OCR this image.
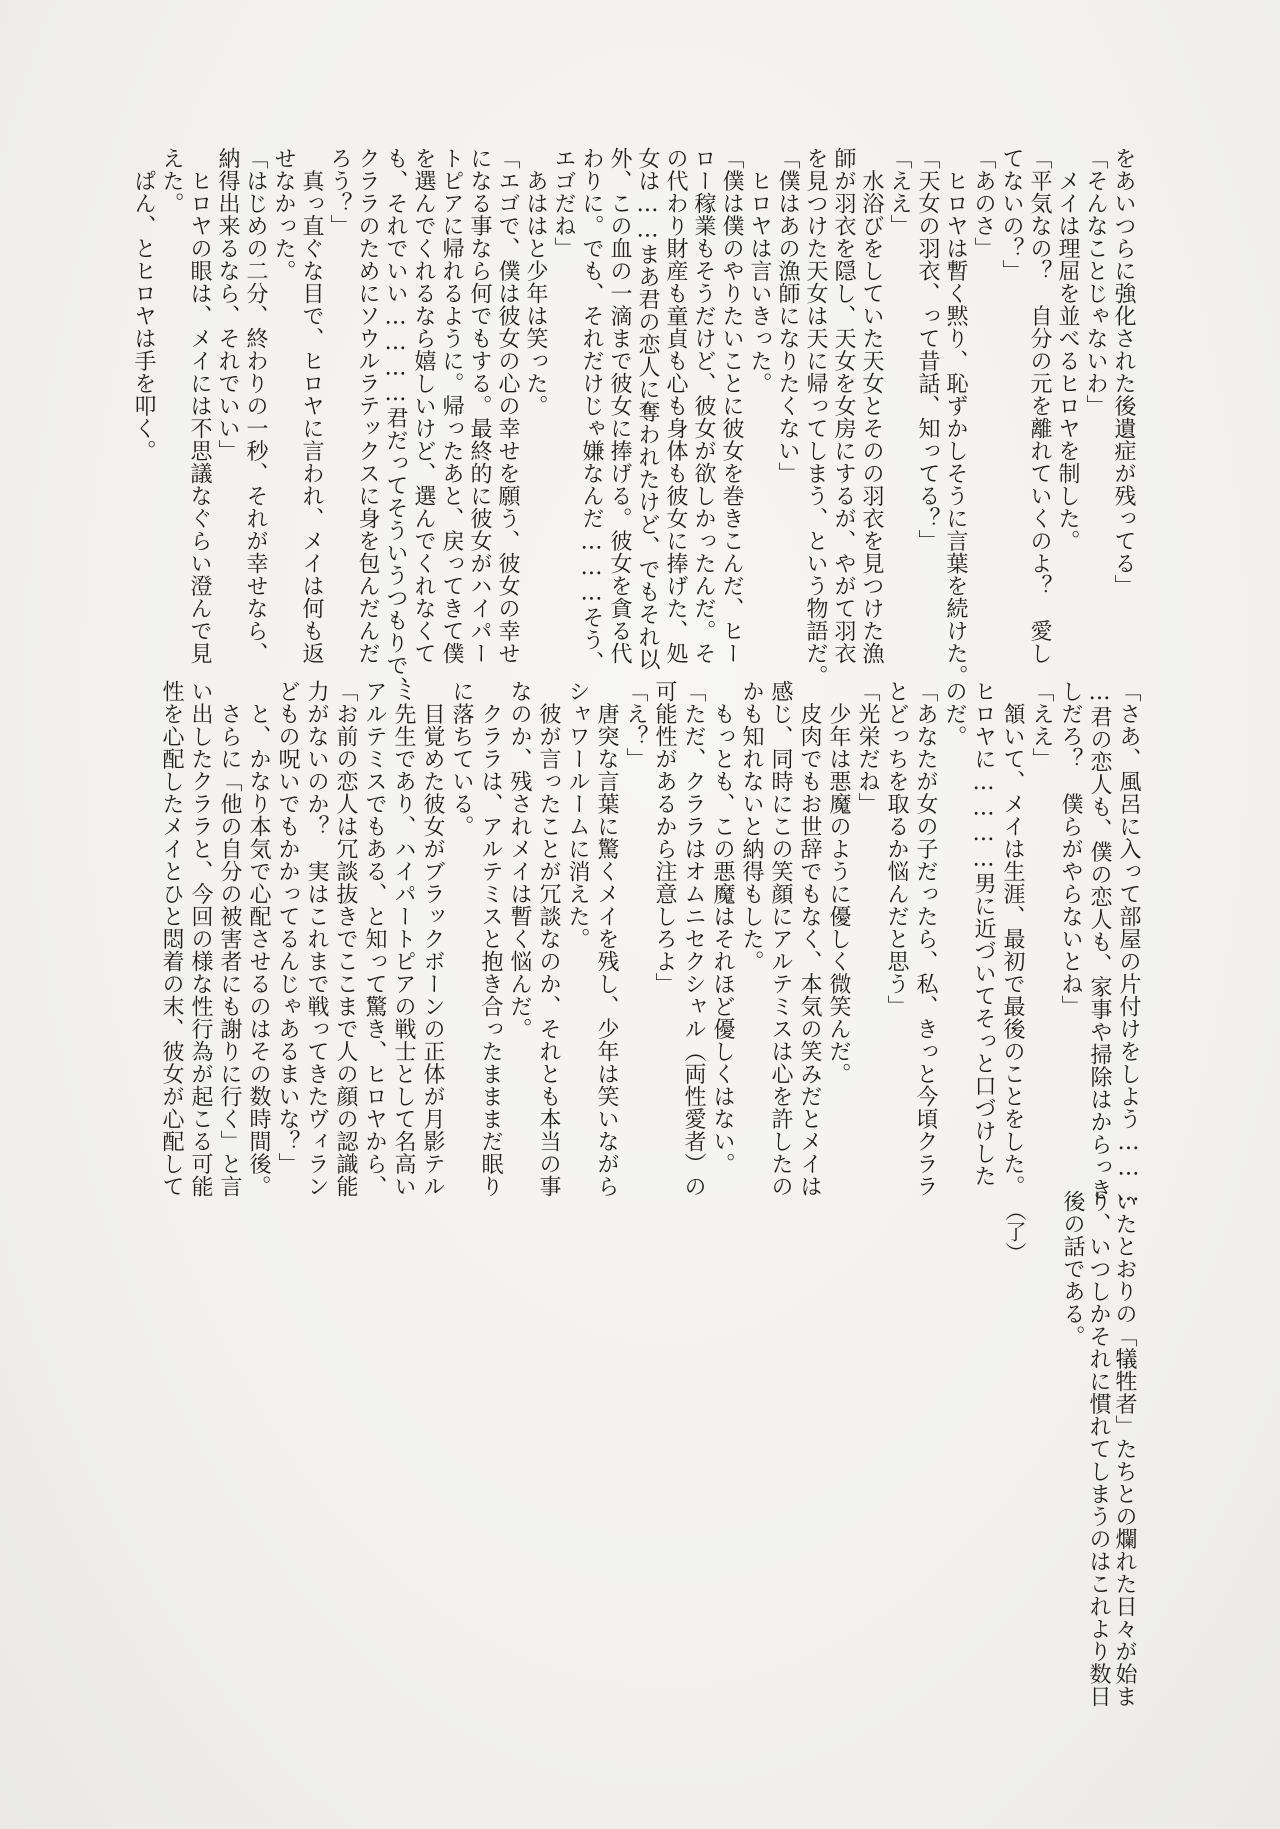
をあいつらに強化された後遺症が残ってる」
「そんなことじゃないわ」
　メイは理屈を並べるヒロヤを制した。
「平気なの？　自分の元を離れていくのよ？　愛し
てないの？」
「あのさ」
　ヒロヤは暫く黙り、恥ずかしそうに言葉を続けた。
「天女の羽衣、って昔話、知ってる？」
「ええ」
　水浴びをしていた天女とそのの羽衣を見つけた漁
師が羽衣を隠し、天女を女房にするが、やがて羽衣
を見つけた天女は天に帰ってしまう、という物語だ。
「僕はあの漁師になりたくない」
　ヒロヤは言いきった。
「僕は僕のやりたいことに彼女を巻きこんだ、ヒー
ロー稼業もそうだけど、彼女が欲しかったんだ。そ
の代わり財産も童貞も心も身体も彼女に捧げた、処
女は……まあ君の恋人に奪われたけど、でもそれ以
外、この血の一滴まで彼女に捧げる。彼女を貪る代
わりに。でも、それだけじゃ嫌なんだ………そう、
エゴだね」
　あははと少年は笑った。
「エゴで、僕は彼女の心の幸せを願う、彼女の幸せ
になる事なら何でもする。最終的に彼女がハイパー
トピアに帰れるように。帰ったあと、戻ってきて僕
を選んでくれるなら嬉しいけど、選んでくれなくて
も、それでいい…………君だってそういうつもりで、
クララのためにソウルラテックスに身を包んだんだ
ろう？」
　真っ直ぐな目で、ヒロヤに言われ、メイは何も返
せなかった。
「はじめの二分、終わりの一秒、それが幸せなら、
納得出来るなら、それでいい」
　ヒロヤの眼は、メイには不思議なぐらい澄んで見
えた。
　ぱん、とヒロヤは手を叩く。
「さあ、風呂に入って部屋の片付けをしよう………
…君の恋人も、僕の恋人も、家事や掃除はからっき
しだろ？　僕らがやらないとね」
「ええ」
　頷いて、メイは生涯、最初で最後のことをした。
ヒロヤに…………男に近づいてそっと口づけした
のだ。
「あなたが女の子だったら、私、きっと今頃クララ
とどっちを取るか悩んだと思う」
「光栄だね」
　少年は悪魔のように優しく微笑んだ。
　皮肉でもお世辞でもなく、本気の笑みだとメイは
感じ、同時にこの笑顔にアルテミスは心を許したの
かも知れないと納得もした。
　もっとも、この悪魔はそれほど優しくはない。
「ただ、クララはオムニセクシャル（両性愛者）の
可能性があるから注意しろよ」
「え？」
　唐突な言葉に驚くメイを残し、少年は笑いながら
シャワールームに消えた。
　彼が言ったことが冗談なのか、それとも本当の事
なのか、残されメイは暫く悩んだ。
　クララは、アルテミスと抱き合ったまままだ眠り
に落ちている。
　目覚めた彼女がブラックボーンの正体が月影テル
ミ先生であり、ハイパートピアの戦士として名高い
アルテミスでもある、と知って驚き、ヒロヤから、
「お前の恋人は冗談抜きでここまで人の顔の認識能
力がないのか？　実はこれまで戦ってきたヴィラン
どもの呪いでもかかってるんじゃあるまいな？」
　と、かなり本気で心配させるのはその数時間後。
　さらに「他の自分の被害者にも謝りに行く」と言
い出したクララと、今回の様な性行為が起こる可能
性を心配したメイとひと悶着の末、彼女が心配して
いたとおりの「犠牲者」たちとの爛れた日々が始ま
り、いつしかそれに慣れてしまうのはこれより数日
後の話である。
（了）
